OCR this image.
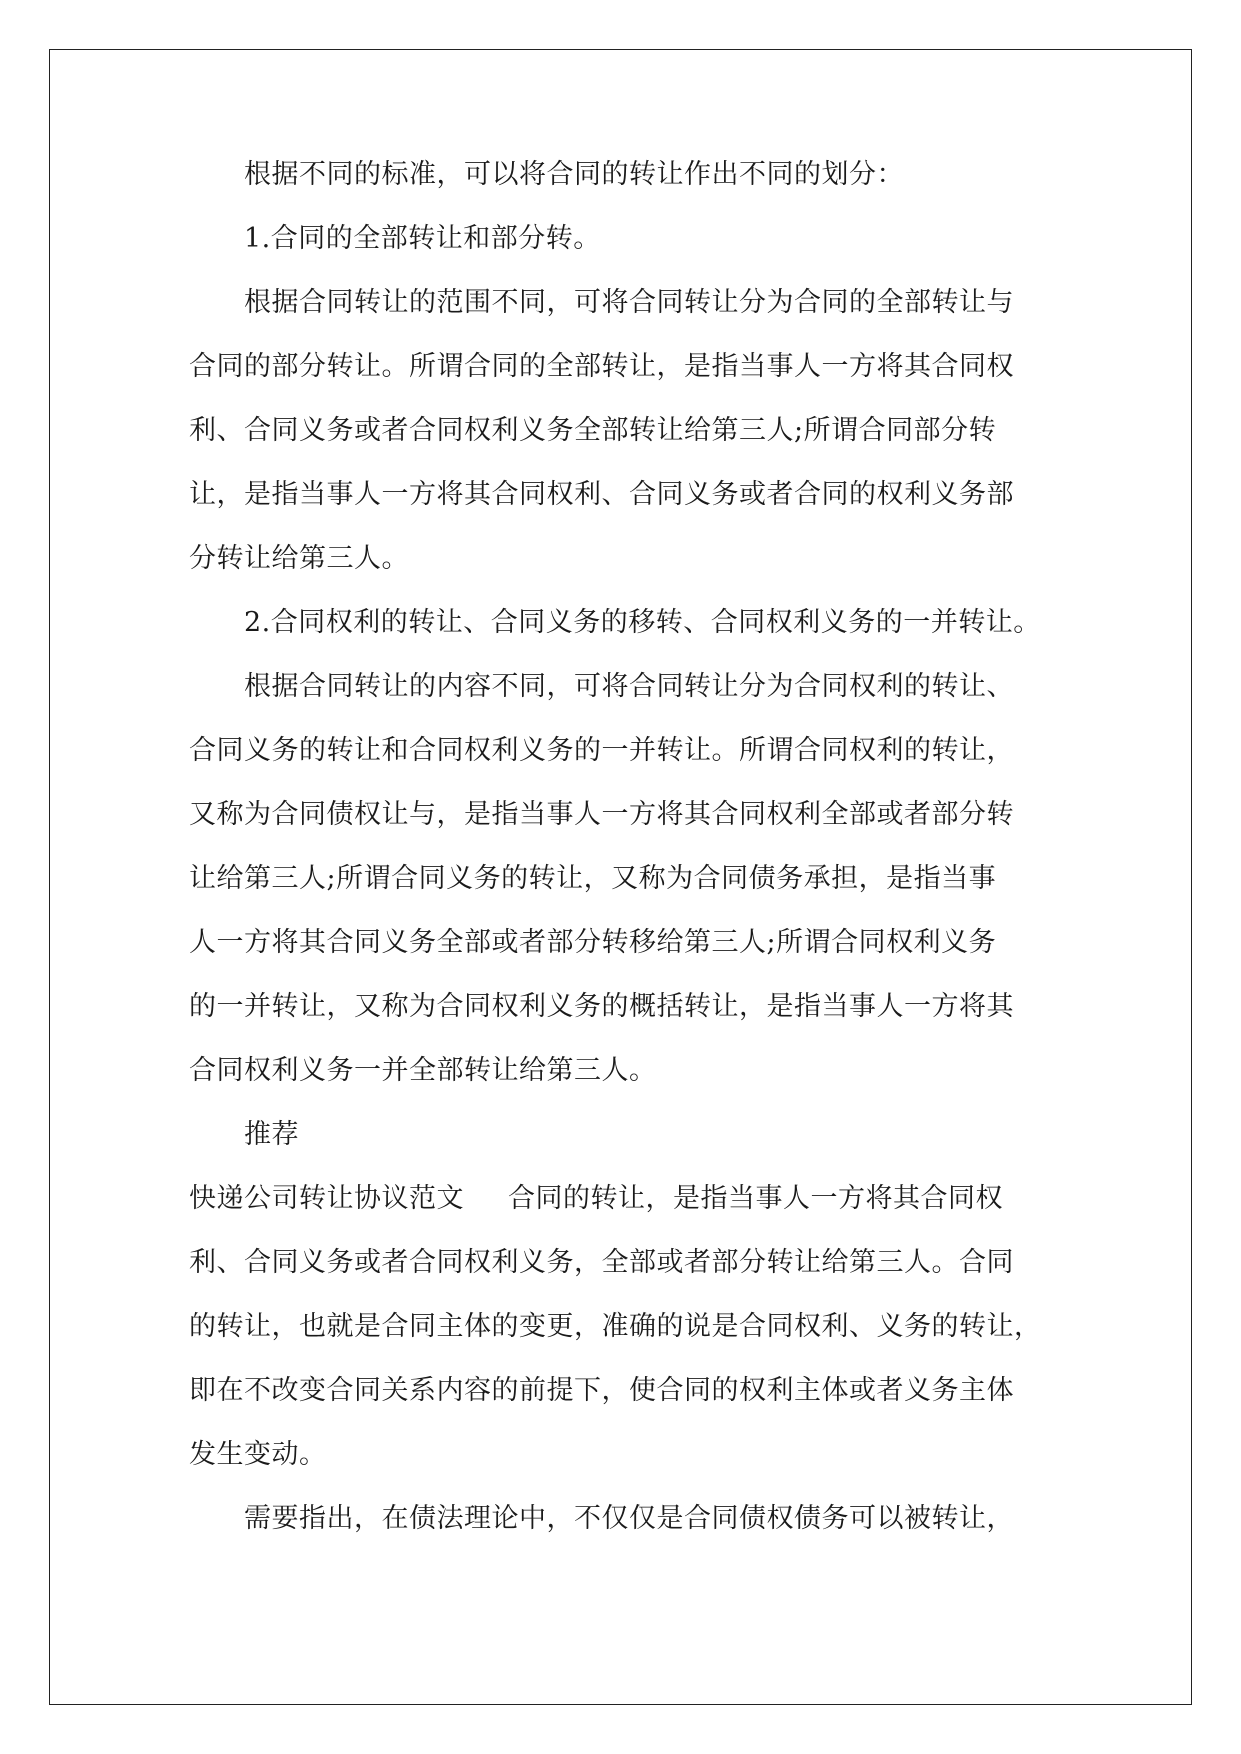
根据不同的标准，可以将合同的转让作出不同的划分：
1.合同的全部转让和部分转。
根据合同转让的范围不同，可将合同转让分为合同的全部转让与
合同的部分转让。所谓合同的全部转让，是指当事人一方将其合同权
利、合同义务或者合同权利义务全部转让给第三人;所谓合同部分转
让，是指当事人一方将其合同权利、合同义务或者合同的权利义务部
分转让给第三人。
2.合同权利的转让、合同义务的移转、合同权利义务的一并转让。
根据合同转让的内容不同，可将合同转让分为合同权利的转让、
合同义务的转让和合同权利义务的一并转让。所谓合同权利的转让，
又称为合同债权让与，是指当事人一方将其合同权利全部或者部分转
让给第三人;所谓合同义务的转让，又称为合同债务承担，是指当事
人一方将其合同义务全部或者部分转移给第三人;所谓合同权利义务
的一并转让，又称为合同权利义务的概括转让，是指当事人一方将其
合同权利义务一并全部转让给第三人。
推荐
快递公司转让协议范文 合同的转让，是指当事人一方将其合同权
利、合同义务或者合同权利义务，全部或者部分转让给第三人。合同
的转让，也就是合同主体的变更，准确的说是合同权利、义务的转让，
即在不改变合同关系内容的前提下，使合同的权利主体或者义务主体
发生变动。
需要指出，在债法理论中，不仅仅是合同债权债务可以被转让，
